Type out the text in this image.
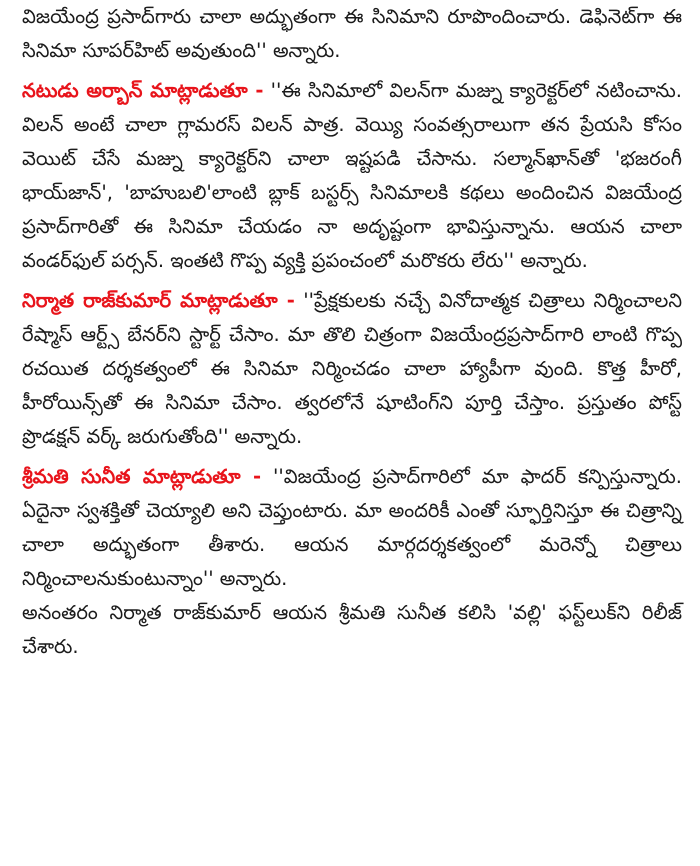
విజయేంద్ర ప్రసాద్‌గారు చాలా అద్భుతంగా ఈ సినిమాని రూపొందించారు. డెఫినెట్‌గా ఈ సినిమా సూపర్‌హిట్‌ అవుతుంది'' అన్నారు.

నటుడు అర్బాన్‌ మాట్లాడుతూ - ''ఈ సినిమాలో విలన్‌గా మజ్ను క్యారెక్టర్‌లో నటించాను. విలన్‌ అంటే చాలా గ్లామరస్‌ విలన్‌ పాత్ర. వెయ్యి సంవత్సరాలుగా తన ప్రేయసి కోసం వెయిట్‌ చేసే మజ్ను క్యారెక్టర్‌ని చాలా ఇష్టపడి చేసాను. సల్మాన్‌ఖాన్‌తో 'భజరంగీ భాయ్‌జాన్‌', 'బాహుబలి'లాంటి బ్లాక్‌ బస్టర్స్‌ సినిమాలకి కథలు అందించిన విజయేంద్ర ప్రసాద్‌గారితో ఈ సినిమా చేయడం నా అదృష్టంగా భావిస్తున్నాను. ఆయన చాలా వండర్‌ఫుల్‌ పర్సన్‌. ఇంతటి గొప్ప వ్యక్తి ప్రపంచంలో మరొకరు లేరు'' అన్నారు.

నిర్మాత రాజ్‌కుమార్‌ మాట్లాడుతూ - ''ప్రేక్షకులకు నచ్చే వినోదాత్మక చిత్రాలు నిర్మించాలని రేష్మాస్‌ ఆర్ట్స్‌ బేనర్‌ని స్టార్ట్‌ చేసాం. మా తొలి చిత్రంగా విజయేంద్రప్రసాద్‌గారి లాంటి గొప్ప రచయిత దర్శకత్వంలో ఈ సినిమా నిర్మించడం చాలా హ్యాపీగా వుంది. కొత్త హీరో, హీరోయిన్స్‌తో ఈ సినిమా చేసాం. త్వరలోనే షూటింగ్‌ని పూర్తి చేస్తాం. ప్రస్తుతం పోస్ట్‌ ప్రొడక్షన్‌ వర్క్‌ జరుగుతోంది'' అన్నారు.

శ్రీమతి సునీత మాట్లాడుతూ - ''విజయేంద్ర ప్రసాద్‌గారిలో మా ఫాదర్‌ కన్పిస్తున్నారు. ఏదైనా స్వశక్తితో చెయ్యాలి అని చెప్తుంటారు. మా అందరికీ ఎంతో స్ఫూర్తినిస్తూ ఈ చిత్రాన్ని చాలా అద్భుతంగా తీశారు. ఆయన మార్గదర్శకత్వంలో మరెన్నో చిత్రాలు నిర్మించాలనుకుంటున్నాం'' అన్నారు.

అనంతరం నిర్మాత రాజ్‌కుమార్‌ ఆయన శ్రీమతి సునీత కలిసి 'వల్లి' ఫస్ట్‌లుక్‌ని రిలీజ్‌ చేశారు.
